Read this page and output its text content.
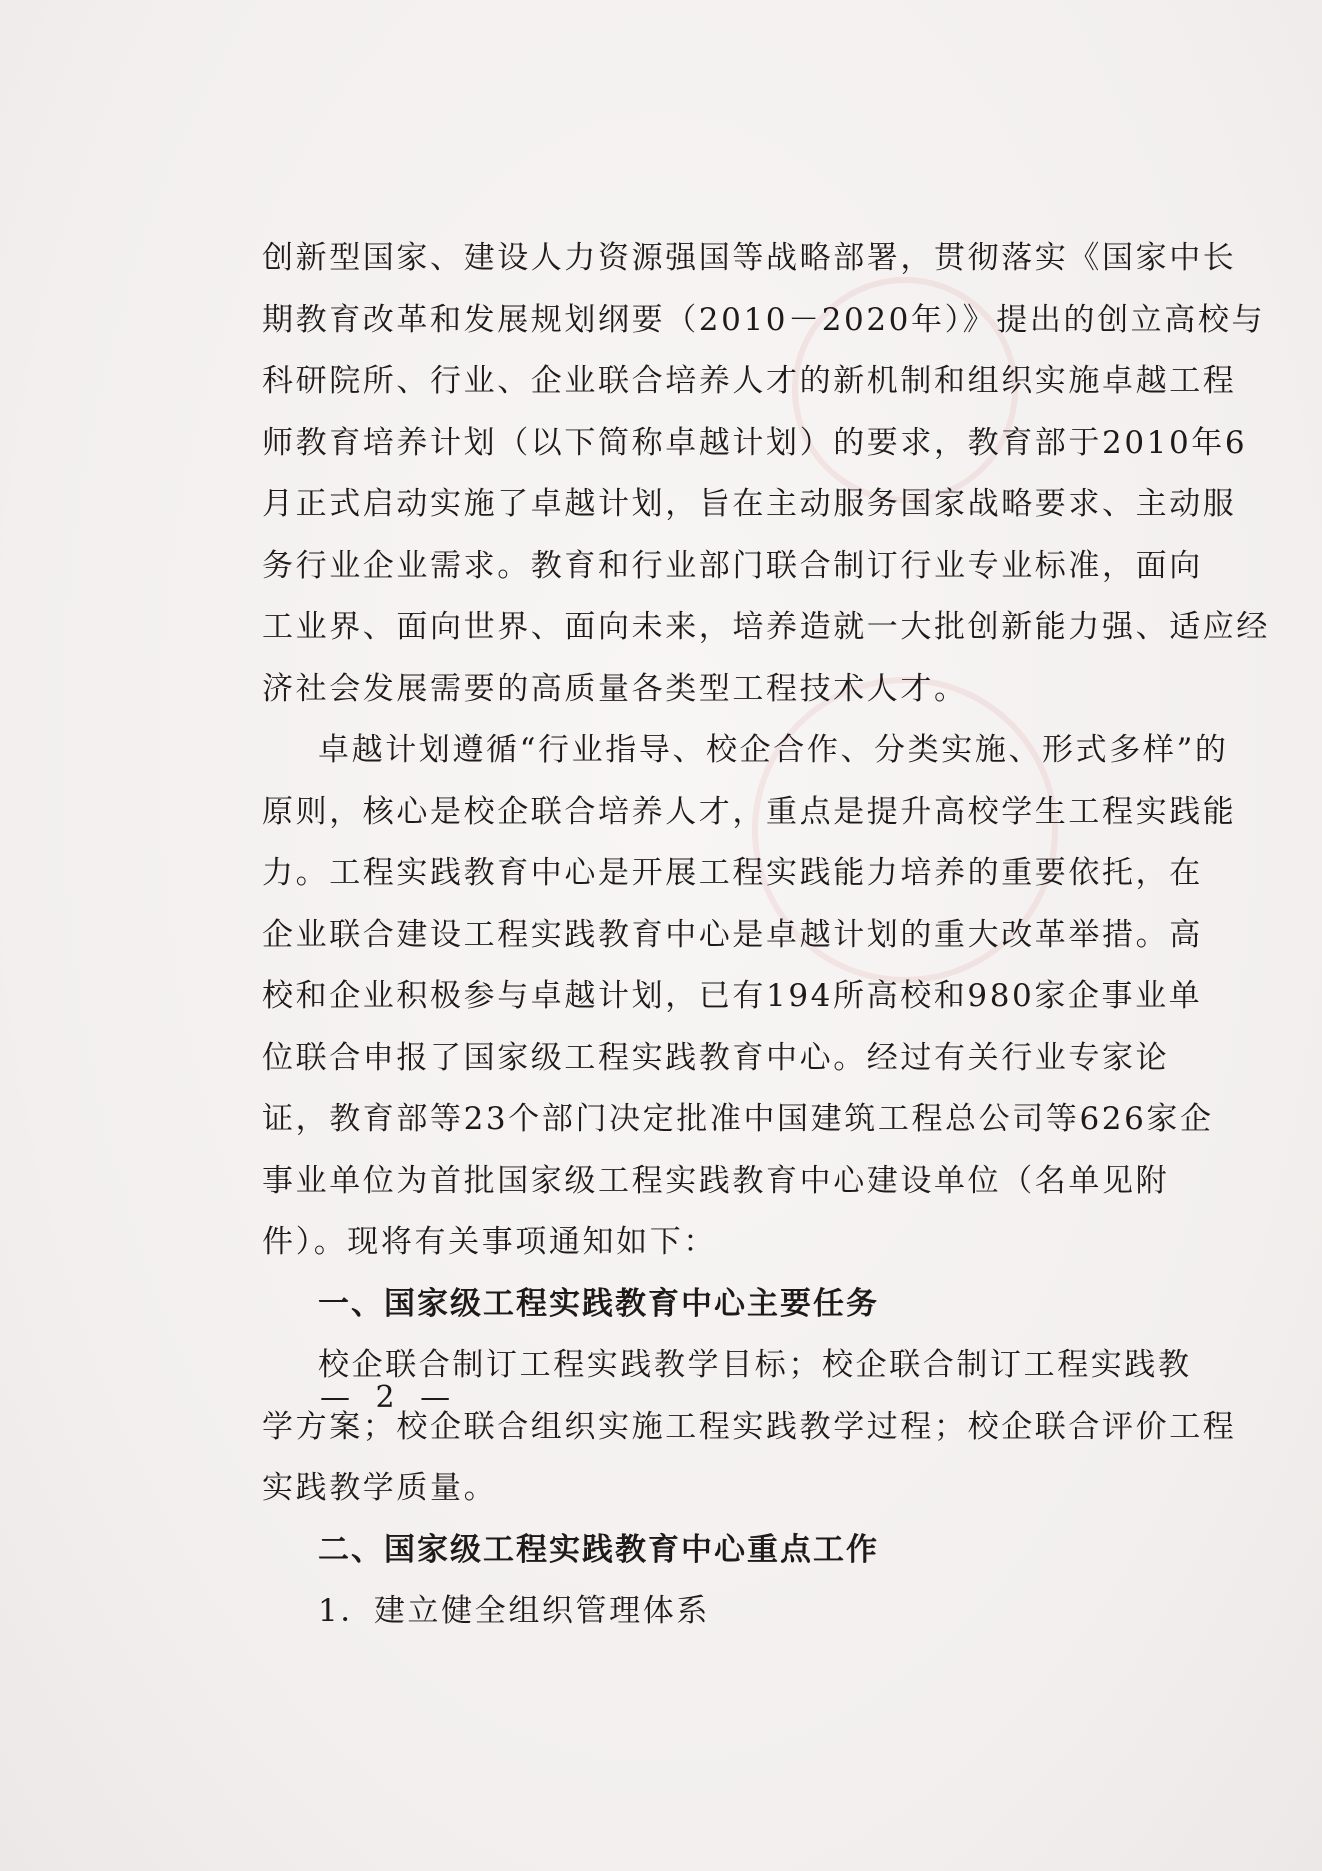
创新型国家、建设人力资源强国等战略部署，贯彻落实《国家中长
期教育改革和发展规划纲要（2010－2020年）》提出的创立高校与
科研院所、行业、企业联合培养人才的新机制和组织实施卓越工程
师教育培养计划（以下简称卓越计划）的要求，教育部于2010年6
月正式启动实施了卓越计划，旨在主动服务国家战略要求、主动服
务行业企业需求。教育和行业部门联合制订行业专业标准，面向
工业界、面向世界、面向未来，培养造就一大批创新能力强、适应经
济社会发展需要的高质量各类型工程技术人才。
卓越计划遵循“行业指导、校企合作、分类实施、形式多样”的
原则，核心是校企联合培养人才，重点是提升高校学生工程实践能
力。工程实践教育中心是开展工程实践能力培养的重要依托，在
企业联合建设工程实践教育中心是卓越计划的重大改革举措。高
校和企业积极参与卓越计划，已有194所高校和980家企事业单
位联合申报了国家级工程实践教育中心。经过有关行业专家论
证，教育部等23个部门决定批准中国建筑工程总公司等626家企
事业单位为首批国家级工程实践教育中心建设单位（名单见附
件）。现将有关事项通知如下：
一、国家级工程实践教育中心主要任务
校企联合制订工程实践教学目标；校企联合制订工程实践教
学方案；校企联合组织实施工程实践教学过程；校企联合评价工程
实践教学质量。
二、国家级工程实践教育中心重点工作
1．建立健全组织管理体系
— 2 —
